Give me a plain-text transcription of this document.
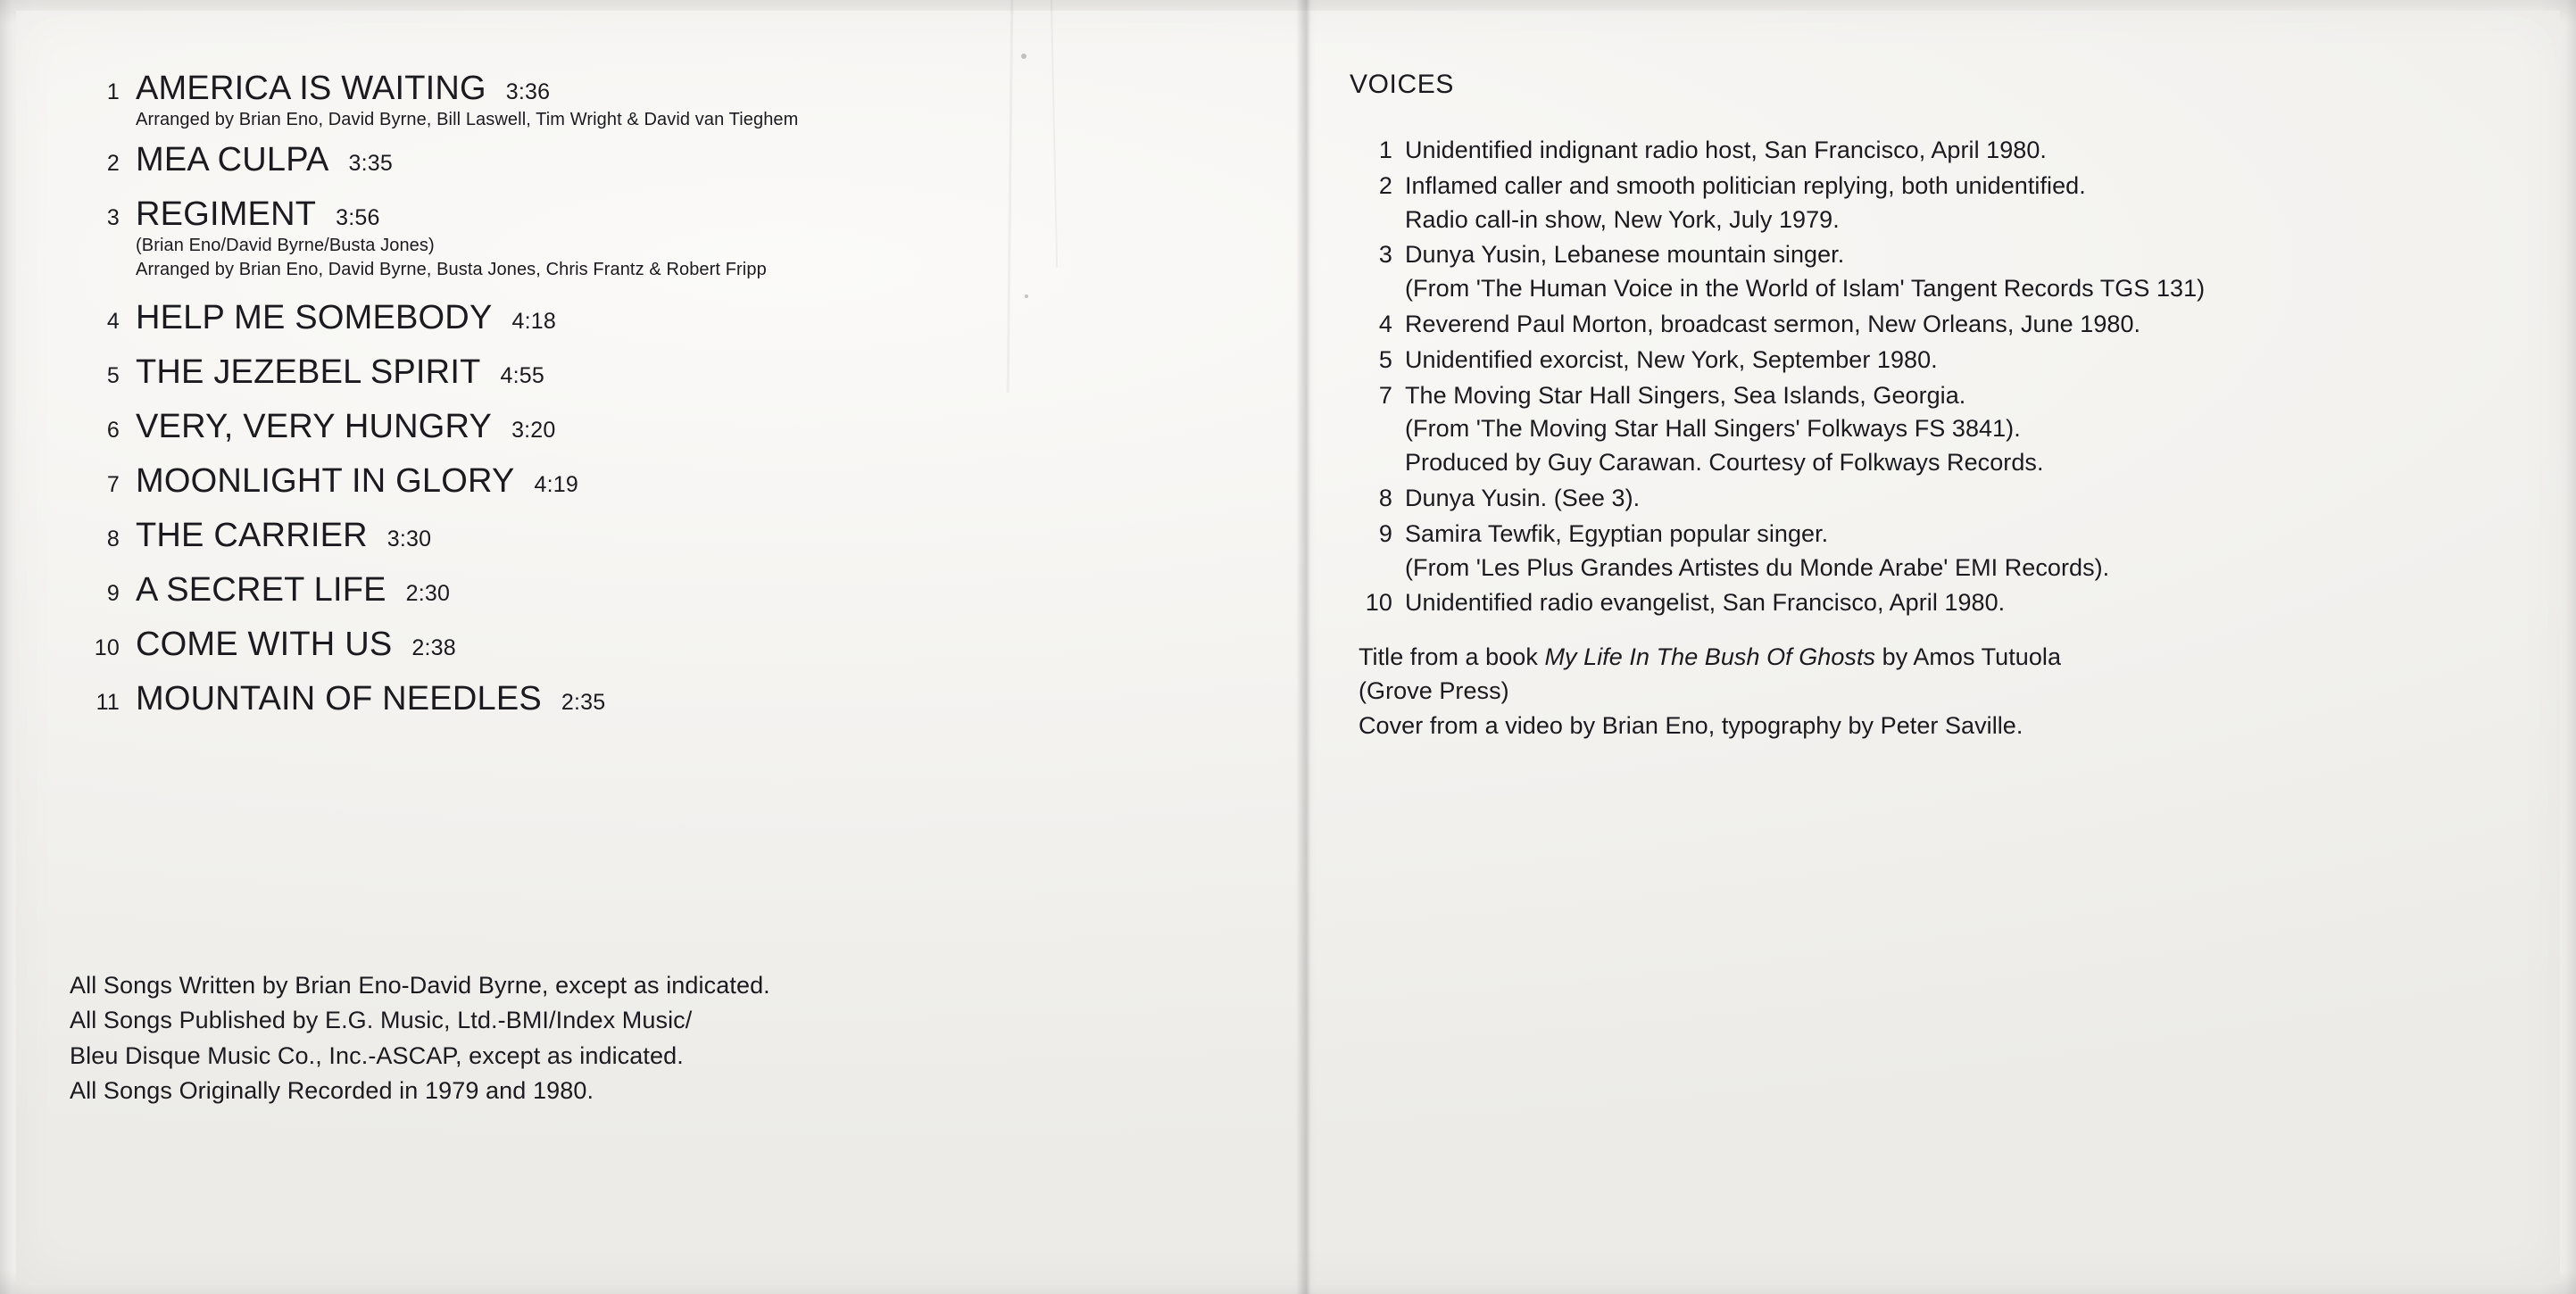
1 AMERICA IS WAITING 3:36
Arranged by Brian Eno, David Byrne, Bill Laswell, Tim Wright & David van Tieghem
2 MEA CULPA 3:35
3 REGIMENT 3:56
(Brian Eno/David Byrne/Busta Jones)
Arranged by Brian Eno, David Byrne, Busta Jones, Chris Frantz & Robert Fripp
4 HELP ME SOMEBODY 4:18
5 THE JEZEBEL SPIRIT 4:55
6 VERY, VERY HUNGRY 3:20
7 MOONLIGHT IN GLORY 4:19
8 THE CARRIER 3:30
9 A SECRET LIFE 2:30
10 COME WITH US 2:38
11 MOUNTAIN OF NEEDLES 2:35
All Songs Written by Brian Eno-David Byrne, except as indicated.
All Songs Published by E.G. Music, Ltd.-BMI/Index Music/
Bleu Disque Music Co., Inc.-ASCAP, except as indicated.
All Songs Originally Recorded in 1979 and 1980.
VOICES
1 Unidentified indignant radio host, San Francisco, April 1980.
2 Inflamed caller and smooth politician replying, both unidentified.
Radio call-in show, New York, July 1979.
3 Dunya Yusin, Lebanese mountain singer.
(From 'The Human Voice in the World of Islam' Tangent Records TGS 131)
4 Reverend Paul Morton, broadcast sermon, New Orleans, June 1980.
5 Unidentified exorcist, New York, September 1980.
7 The Moving Star Hall Singers, Sea Islands, Georgia.
(From 'The Moving Star Hall Singers' Folkways FS 3841).
Produced by Guy Carawan. Courtesy of Folkways Records.
8 Dunya Yusin. (See 3).
9 Samira Tewfik, Egyptian popular singer.
(From 'Les Plus Grandes Artistes du Monde Arabe' EMI Records).
10 Unidentified radio evangelist, San Francisco, April 1980.
Title from a book My Life In The Bush Of Ghosts by Amos Tutuola
(Grove Press)
Cover from a video by Brian Eno, typography by Peter Saville.
